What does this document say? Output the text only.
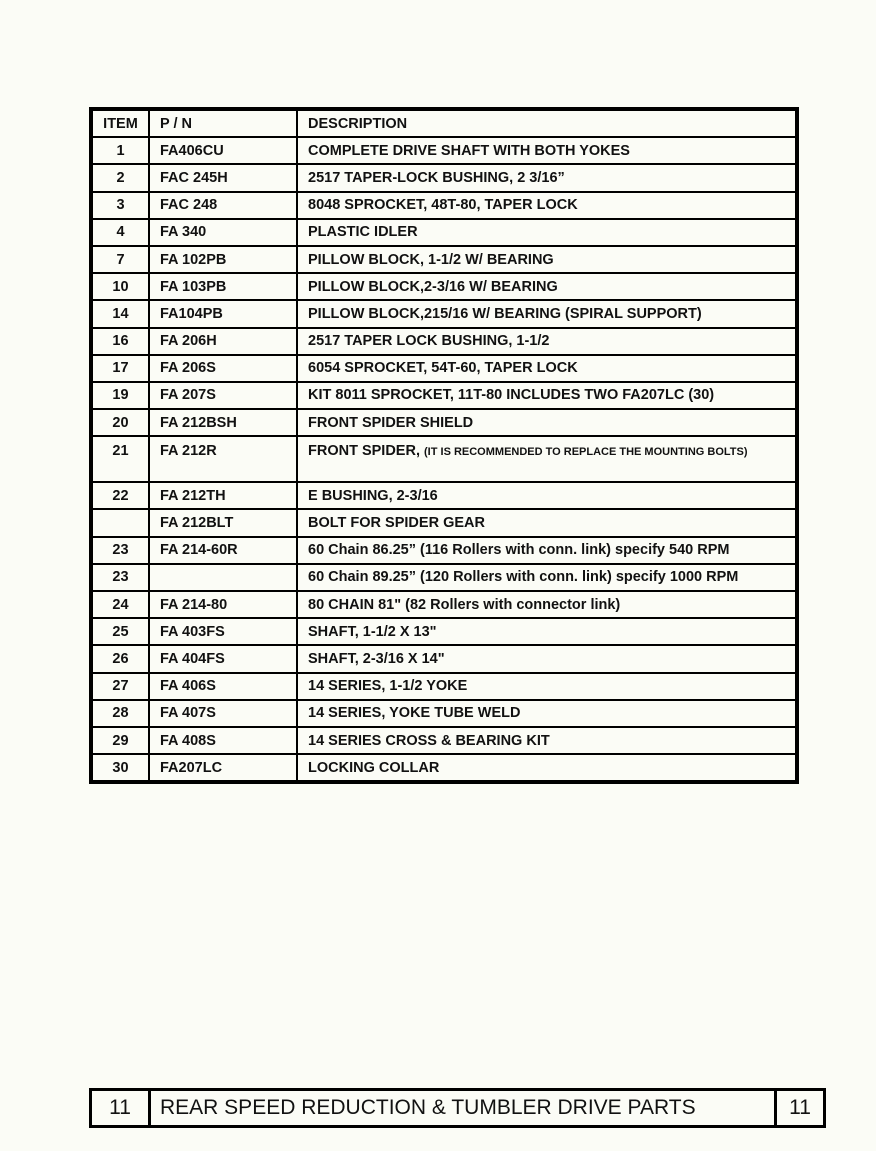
ITEM	P / N	DESCRIPTION
1	FA406CU	COMPLETE DRIVE SHAFT WITH BOTH YOKES
2	FAC 245H	2517 TAPER-LOCK BUSHING, 2 3/16”
3	FAC 248	8048 SPROCKET, 48T-80, TAPER LOCK
4	FA 340	PLASTIC IDLER
7	FA 102PB	PILLOW BLOCK, 1-1/2 W/ BEARING
10	FA 103PB	PILLOW BLOCK,2-3/16 W/ BEARING
14	FA104PB	PILLOW BLOCK,215/16 W/ BEARING (SPIRAL SUPPORT)
16	FA 206H	2517 TAPER LOCK BUSHING, 1-1/2
17	FA 206S	6054 SPROCKET, 54T-60, TAPER LOCK
19	FA 207S	KIT 8011 SPROCKET, 11T-80 INCLUDES TWO FA207LC (30)
20	FA 212BSH	FRONT SPIDER SHIELD
21	FA 212R	FRONT SPIDER, (IT IS RECOMMENDED TO REPLACE THE MOUNTING BOLTS)
22	FA 212TH	E BUSHING, 2-3/16
	FA 212BLT	BOLT FOR SPIDER GEAR
23	FA 214-60R	60 Chain 86.25” (116 Rollers with conn. link) specify 540 RPM
23		60 Chain 89.25” (120 Rollers with conn. link) specify 1000 RPM
24	FA 214-80	80 CHAIN 81" (82 Rollers with connector link)
25	FA 403FS	SHAFT, 1-1/2 X 13"
26	FA 404FS	SHAFT, 2-3/16 X 14"
27	FA 406S	14 SERIES, 1-1/2 YOKE
28	FA 407S	14 SERIES, YOKE TUBE WELD
29	FA 408S	14 SERIES CROSS & BEARING KIT
30	FA207LC	LOCKING COLLAR
11	REAR SPEED REDUCTION & TUMBLER DRIVE PARTS	11
